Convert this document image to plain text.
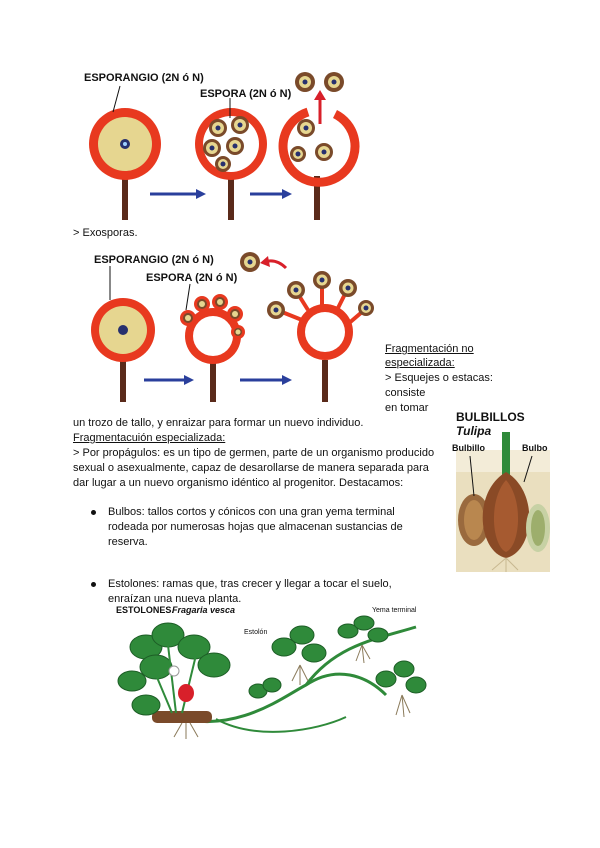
ESPORANGIO (2N ó N)
ESPORA (2N ó N)
> Exosporas.
ESPORANGIO (2N ó N)
ESPORA (2N ó N)
Fragmentación no
especializada:
> Esquejes o estacas:
consiste
en tomar
un trozo de tallo, y enraizar para formar un nuevo individuo.
Fragmentacuión especializada:
> Por propágulos: es un tipo de germen, parte de un organismo producido
sexual o asexualmente, capaz de desarollarse de manera separada para
dar lugar a un nuevo organismo idéntico al progenitor. Destacamos:
Bulbos: tallos cortos y cónicos con una gran yema terminal
rodeada por numerosas hojas que almacenan sustancias de
reserva.
Estolones: ramas que, tras crecer y llegar a tocar el suelo,
enraízan una nueva planta.
BULBILLOS
Tulipa
Bulbillo	Bulbo
ESTOLONES.
Fragaria vesca	Yema terminal
Estolón
